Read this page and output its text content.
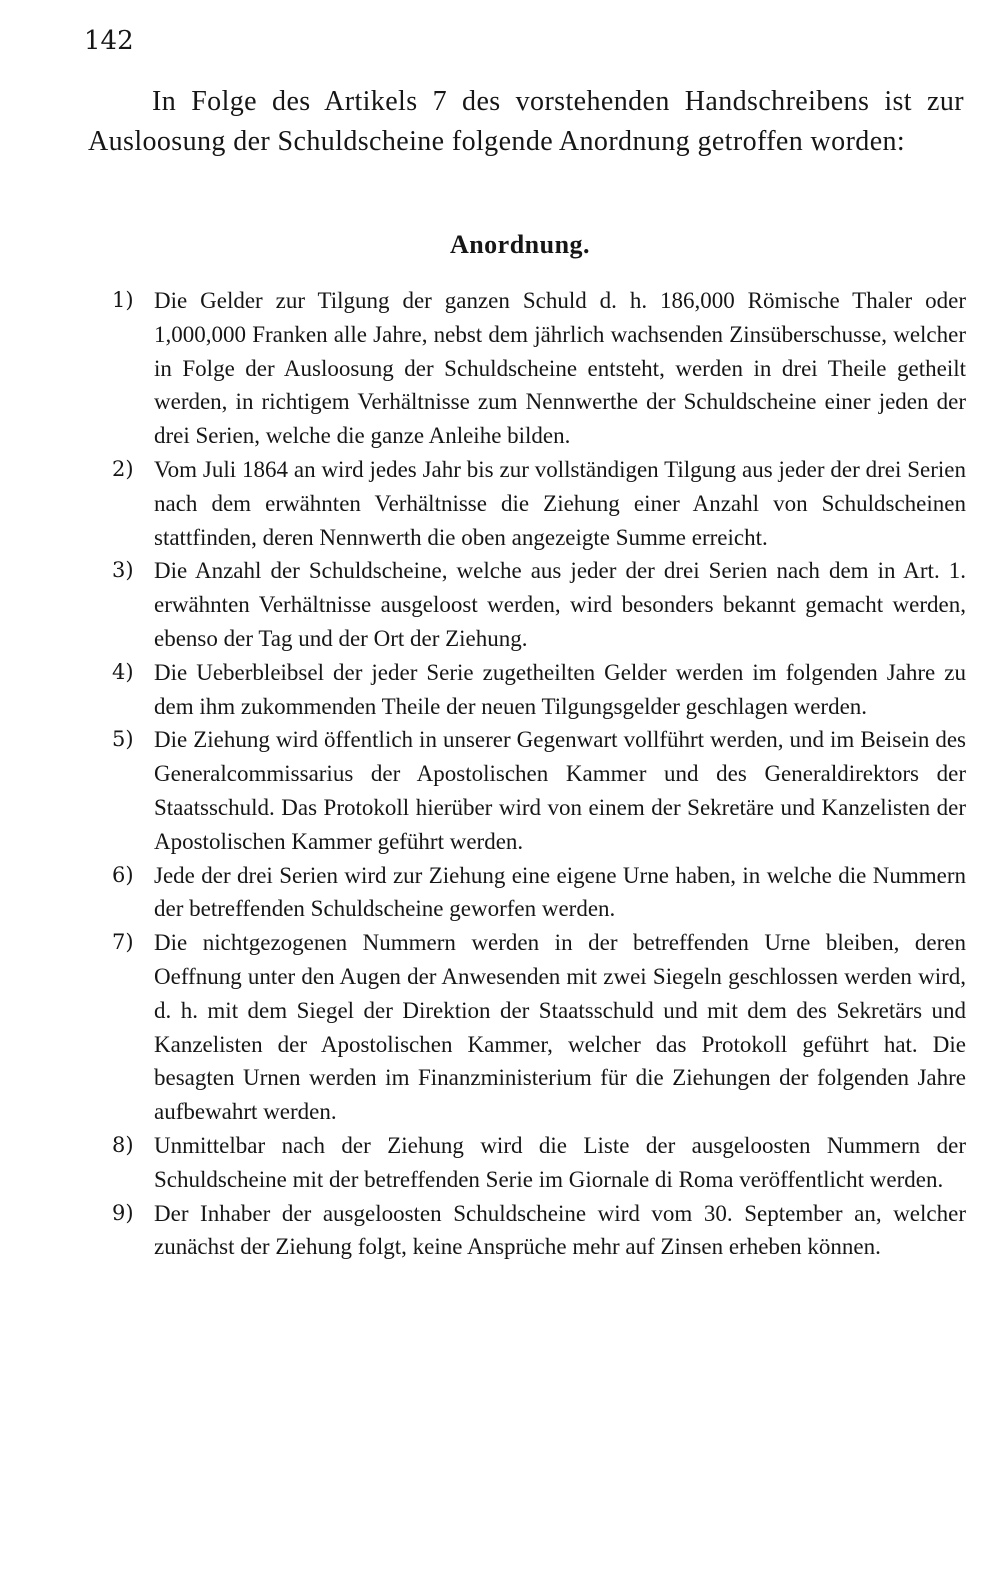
142
In Folge des Artikels 7 des vorstehenden Handschreibens ist zur Ausloosung der Schuldscheine folgende Anordnung getroffen worden:
Anordnung.
1) Die Gelder zur Tilgung der ganzen Schuld d. h. 186,000 Römische Thaler oder 1,000,000 Franken alle Jahre, nebst dem jährlich wachsenden Zinsüberschusse, welcher in Folge der Ausloosung der Schuldscheine entsteht, werden in drei Theile getheilt werden, in richtigem Verhältnisse zum Nennwerthe der Schuldscheine einer jeden der drei Serien, welche die ganze Anleihe bilden.
2) Vom Juli 1864 an wird jedes Jahr bis zur vollständigen Tilgung aus jeder der drei Serien nach dem erwähnten Verhältnisse die Ziehung einer Anzahl von Schuldscheinen stattfinden, deren Nennwerth die oben angezeigte Summe erreicht.
3) Die Anzahl der Schuldscheine, welche aus jeder der drei Serien nach dem in Art. 1. erwähnten Verhältnisse ausgeloost werden, wird besonders bekannt gemacht werden, ebenso der Tag und der Ort der Ziehung.
4) Die Ueberbleibsel der jeder Serie zugetheilten Gelder werden im folgenden Jahre zu dem ihm zukommenden Theile der neuen Tilgungsgelder geschlagen werden.
5) Die Ziehung wird öffentlich in unserer Gegenwart vollführt werden, und im Beisein des Generalcommissarius der Apostolischen Kammer und des Generaldirektors der Staatsschuld. Das Protokoll hierüber wird von einem der Sekretäre und Kanzelisten der Apostolischen Kammer geführt werden.
6) Jede der drei Serien wird zur Ziehung eine eigene Urne haben, in welche die Nummern der betreffenden Schuldscheine geworfen werden.
7) Die nichtgezogenen Nummern werden in der betreffenden Urne bleiben, deren Oeffnung unter den Augen der Anwesenden mit zwei Siegeln geschlossen werden wird, d. h. mit dem Siegel der Direktion der Staatsschuld und mit dem des Sekretärs und Kanzelisten der Apostolischen Kammer, welcher das Protokoll geführt hat. Die besagten Urnen werden im Finanzministerium für die Ziehungen der folgenden Jahre aufbewahrt werden.
8) Unmittelbar nach der Ziehung wird die Liste der ausgeloosten Nummern der Schuldscheine mit der betreffenden Serie im Giornale di Roma veröffentlicht werden.
9) Der Inhaber der ausgeloosten Schuldscheine wird vom 30. September an, welcher zunächst der Ziehung folgt, keine Ansprüche mehr auf Zinsen erheben können.
